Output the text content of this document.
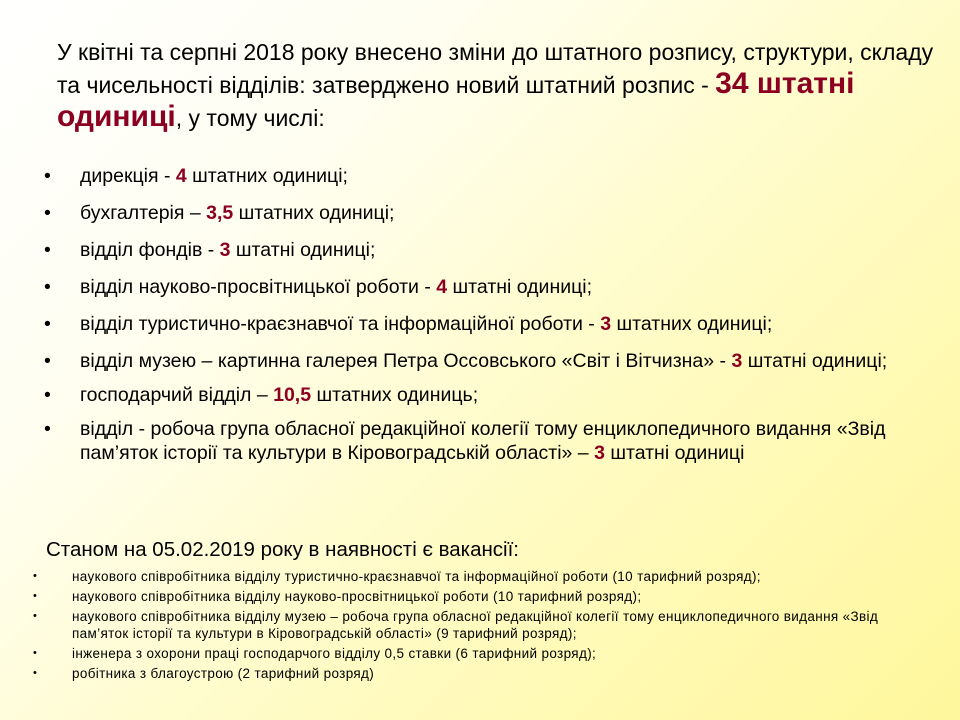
У квітні та серпні 2018 року внесено зміни до штатного розпису, структури, складу та чисельності відділів: затверджено новий штатний розпис - 34 штатні одиниці, у тому числі:

• дирекція - 4 штатних одиниці;
• бухгалтерія – 3,5 штатних одиниці;
• відділ фондів - 3 штатні одиниці;
• відділ науково-просвітницької роботи - 4 штатні одиниці;
• відділ туристично-краєзнавчої та інформаційної роботи - 3 штатних одиниці;
• відділ музею – картинна галерея Петра Оссовського «Світ і Вітчизна» - 3 штатні одиниці;
• господарчий відділ – 10,5 штатних одиниць;
• відділ - робоча група обласної редакційної колегії тому енциклопедичного видання «Звід пам’яток історії та культури в Кіровоградській області» – 3 штатні одиниці

Станом на 05.02.2019 року в наявності є вакансії:

•	наукового співробітника відділу туристично-краєзнавчої та інформаційної роботи (10 тарифний розряд);
•	наукового співробітника відділу науково-просвітницької роботи (10 тарифний розряд);
•	наукового співробітника відділу музею – робоча група обласної редакційної колегії тому енциклопедичного видання «Звід пам’яток історії та культури в Кіровоградській області» (9 тарифний розряд);
•	інженера з охорони праці господарчого відділу 0,5 ставки (6 тарифний розряд);
•	робітника з благоустрою (2 тарифний розряд)
